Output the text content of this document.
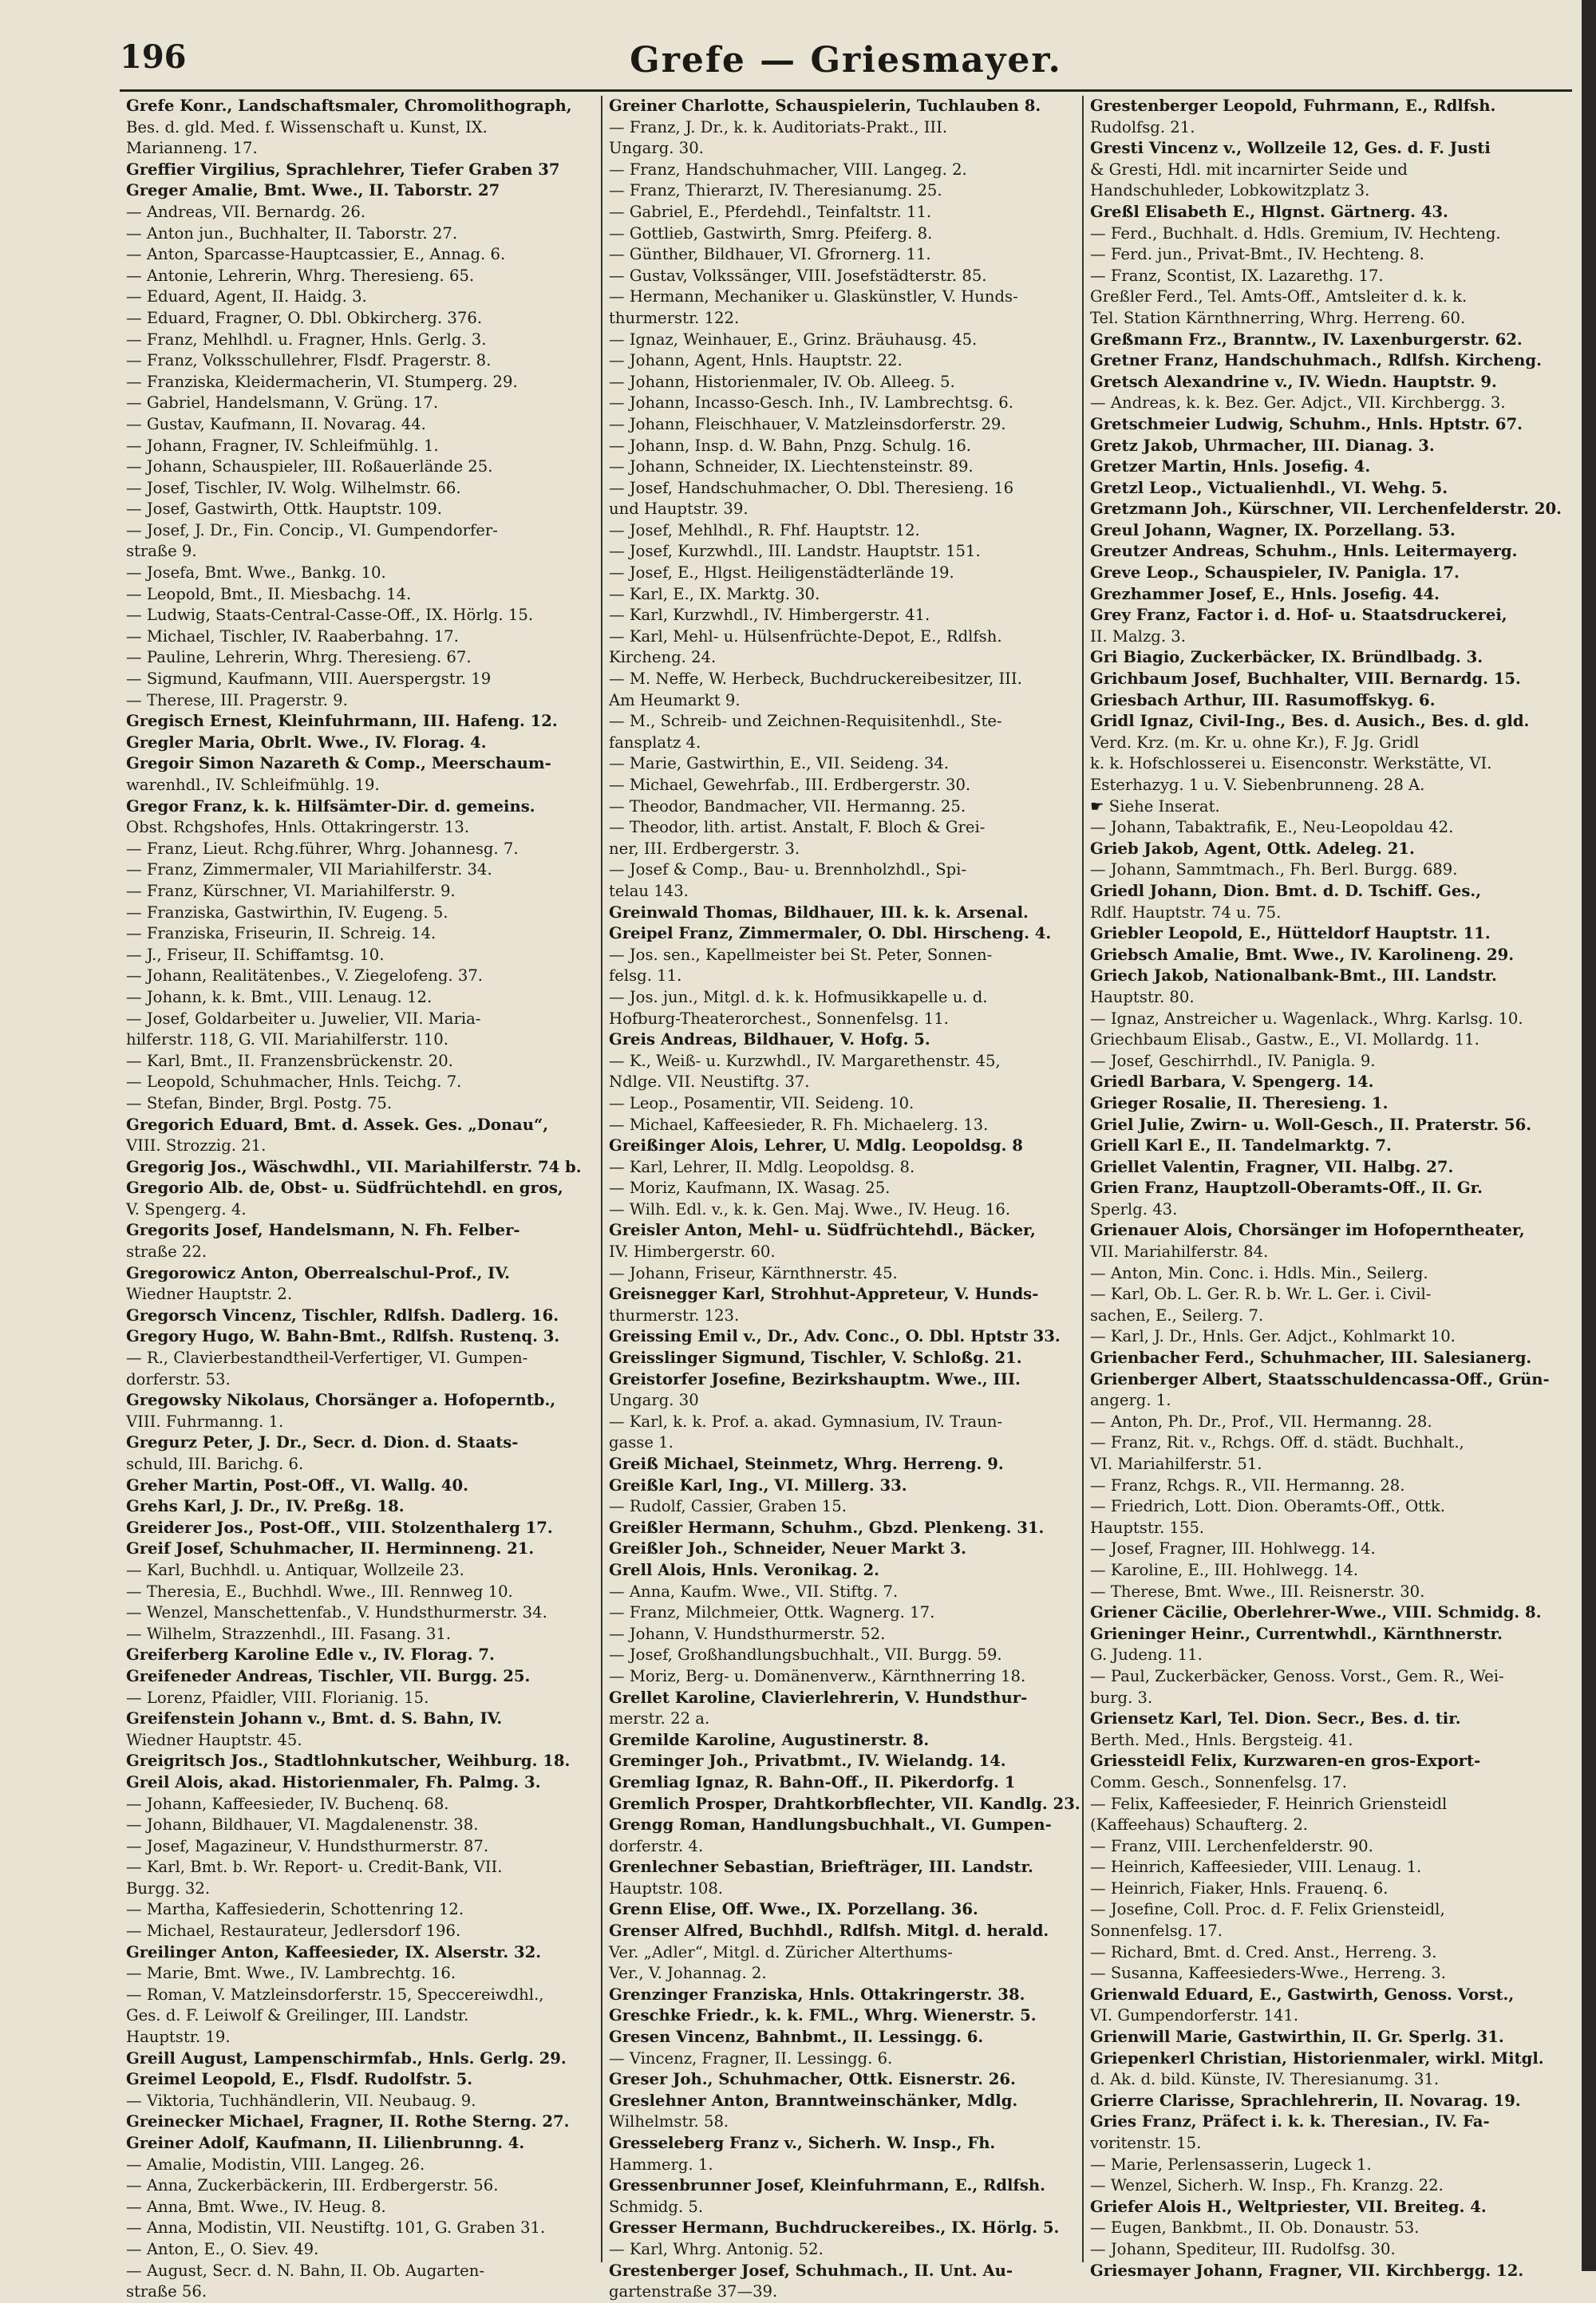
196	Grefe — Griesmayer.
Grefe Konr., Landschaftsmaler, Chromolithograph,
Bes. d. gld. Med. f. Wissenschaft u. Kunst, IX.
Marianneng. 17.
Greffier Virgilius, Sprachlehrer, Tiefer Graben 37
Greger Amalie, Bmt. Wwe., II. Taborstr. 27
— Andreas, VII. Bernardg. 26.
— Anton jun., Buchhalter, II. Taborstr. 27.
— Anton, Sparcasse-Hauptcassier, E., Annag. 6.
— Antonie, Lehrerin, Whrg. Theresieng. 65.
— Eduard, Agent, II. Haidg. 3.
— Eduard, Fragner, O. Dbl. Obkircherg. 376.
— Franz, Mehlhdl. u. Fragner, Hnls. Gerlg. 3.
— Franz, Volksschullehrer, Flsdf. Pragerstr. 8.
— Franziska, Kleidermacherin, VI. Stumperg. 29.
— Gabriel, Handelsmann, V. Grüng. 17.
— Gustav, Kaufmann, II. Novarag. 44.
— Johann, Fragner, IV. Schleifmühlg. 1.
— Johann, Schauspieler, III. Roßauerlände 25.
— Josef, Tischler, IV. Wolg. Wilhelmstr. 66.
— Josef, Gastwirth, Ottk. Hauptstr. 109.
— Josef, J. Dr., Fin. Concip., VI. Gumpendorfer-
straße 9.
— Josefa, Bmt. Wwe., Bankg. 10.
— Leopold, Bmt., II. Miesbachg. 14.
— Ludwig, Staats-Central-Casse-Off., IX. Hörlg. 15.
— Michael, Tischler, IV. Raaberbahng. 17.
— Pauline, Lehrerin, Whrg. Theresieng. 67.
— Sigmund, Kaufmann, VIII. Auerspergstr. 19
— Therese, III. Pragerstr. 9.
Gregisch Ernest, Kleinfuhrmann, III. Hafeng. 12.
Gregler Maria, Obrlt. Wwe., IV. Florag. 4.
Gregoir Simon Nazareth & Comp., Meerschaum-
warenhdl., IV. Schleifmühlg. 19.
Gregor Franz, k. k. Hilfsämter-Dir. d. gemeins.
Obst. Rchgshofes, Hnls. Ottakringerstr. 13.
— Franz, Lieut. Rchg.führer, Whrg. Johannesg. 7.
— Franz, Zimmermaler, VII Mariahilferstr. 34.
— Franz, Kürschner, VI. Mariahilferstr. 9.
— Franziska, Gastwirthin, IV. Eugeng. 5.
— Franziska, Friseurin, II. Schreig. 14.
— J., Friseur, II. Schiffamtsg. 10.
— Johann, Realitätenbes., V. Ziegelofeng. 37.
— Johann, k. k. Bmt., VIII. Lenaug. 12.
— Josef, Goldarbeiter u. Juwelier, VII. Maria-
hilferstr. 118, G. VII. Mariahilferstr. 110.
— Karl, Bmt., II. Franzensbrückenstr. 20.
— Leopold, Schuhmacher, Hnls. Teichg. 7.
— Stefan, Binder, Brgl. Postg. 75.
Gregorich Eduard, Bmt. d. Assek. Ges. „Donau“,
VIII. Strozzig. 21.
Gregorig Jos., Wäschwdhl., VII. Mariahilferstr. 74 b.
Gregorio Alb. de, Obst- u. Südfrüchtehdl. en gros,
V. Spengerg. 4.
Gregorits Josef, Handelsmann, N. Fh. Felber-
straße 22.
Gregorowicz Anton, Oberrealschul-Prof., IV.
Wiedner Hauptstr. 2.
Gregorsch Vincenz, Tischler, Rdlfsh. Dadlerg. 16.
Gregory Hugo, W. Bahn-Bmt., Rdlfsh. Rustenq. 3.
— R., Clavierbestandtheil-Verfertiger, VI. Gumpen-
dorferstr. 53.
Gregowsky Nikolaus, Chorsänger a. Hofoperntb.,
VIII. Fuhrmanng. 1.
Gregurz Peter, J. Dr., Secr. d. Dion. d. Staats-
schuld, III. Barichg. 6.
Greher Martin, Post-Off., VI. Wallg. 40.
Grehs Karl, J. Dr., IV. Preßg. 18.
Greiderer Jos., Post-Off., VIII. Stolzenthalerg 17.
Greif Josef, Schuhmacher, II. Herminneng. 21.
— Karl, Buchhdl. u. Antiquar, Wollzeile 23.
— Theresia, E., Buchhdl. Wwe., III. Rennweg 10.
— Wenzel, Manschettenfab., V. Hundsthurmerstr. 34.
— Wilhelm, Strazzenhdl., III. Fasang. 31.
Greiferberg Karoline Edle v., IV. Florag. 7.
Greifeneder Andreas, Tischler, VII. Burgg. 25.
— Lorenz, Pfaidler, VIII. Florianig. 15.
Greifenstein Johann v., Bmt. d. S. Bahn, IV.
Wiedner Hauptstr. 45.
Greigritsch Jos., Stadtlohnkutscher, Weihburg. 18.
Greil Alois, akad. Historienmaler, Fh. Palmg. 3.
— Johann, Kaffeesieder, IV. Buchenq. 68.
— Johann, Bildhauer, VI. Magdalenenstr. 38.
— Josef, Magazineur, V. Hundsthurmerstr. 87.
— Karl, Bmt. b. Wr. Report- u. Credit-Bank, VII.
Burgg. 32.
— Martha, Kaffesiederin, Schottenring 12.
— Michael, Restaurateur, Jedlersdorf 196.
Greilinger Anton, Kaffeesieder, IX. Alserstr. 32.
— Marie, Bmt. Wwe., IV. Lambrechtg. 16.
— Roman, V. Matzleinsdorferstr. 15, Speccereiwdhl.,
Ges. d. F. Leiwolf & Greilinger, III. Landstr.
Hauptstr. 19.
Greill August, Lampenschirmfab., Hnls. Gerlg. 29.
Greimel Leopold, E., Flsdf. Rudolfstr. 5.
— Viktoria, Tuchhändlerin, VII. Neubaug. 9.
Greinecker Michael, Fragner, II. Rothe Sterng. 27.
Greiner Adolf, Kaufmann, II. Lilienbrunng. 4.
— Amalie, Modistin, VIII. Langeg. 26.
— Anna, Zuckerbäckerin, III. Erdbergerstr. 56.
— Anna, Bmt. Wwe., IV. Heug. 8.
— Anna, Modistin, VII. Neustiftg. 101, G. Graben 31.
— Anton, E., O. Siev. 49.
— August, Secr. d. N. Bahn, II. Ob. Augarten-
straße 56.
Greiner Charlotte, Schauspielerin, Tuchlauben 8.
— Franz, J. Dr., k. k. Auditoriats-Prakt., III.
Ungarg. 30.
— Franz, Handschuhmacher, VIII. Langeg. 2.
— Franz, Thierarzt, IV. Theresianumg. 25.
— Gabriel, E., Pferdehdl., Teinfaltstr. 11.
— Gottlieb, Gastwirth, Smrg. Pfeiferg. 8.
— Günther, Bildhauer, VI. Gfrornerg. 11.
— Gustav, Volkssänger, VIII. Josefstädterstr. 85.
— Hermann, Mechaniker u. Glaskünstler, V. Hunds-
thurmerstr. 122.
— Ignaz, Weinhauer, E., Grinz. Bräuhausg. 45.
— Johann, Agent, Hnls. Hauptstr. 22.
— Johann, Historienmaler, IV. Ob. Alleeg. 5.
— Johann, Incasso-Gesch. Inh., IV. Lambrechtsg. 6.
— Johann, Fleischhauer, V. Matzleinsdorferstr. 29.
— Johann, Insp. d. W. Bahn, Pnzg. Schulg. 16.
— Johann, Schneider, IX. Liechtensteinstr. 89.
— Josef, Handschuhmacher, O. Dbl. Theresieng. 16
und Hauptstr. 39.
— Josef, Mehlhdl., R. Fhf. Hauptstr. 12.
— Josef, Kurzwhdl., III. Landstr. Hauptstr. 151.
— Josef, E., Hlgst. Heiligenstädterlände 19.
— Karl, E., IX. Marktg. 30.
— Karl, Kurzwhdl., IV. Himbergerstr. 41.
— Karl, Mehl- u. Hülsenfrüchte-Depot, E., Rdlfsh.
Kircheng. 24.
— M. Neffe, W. Herbeck, Buchdruckereibesitzer, III.
Am Heumarkt 9.
— M., Schreib- und Zeichnen-Requisitenhdl., Ste-
fansplatz 4.
— Marie, Gastwirthin, E., VII. Seideng. 34.
— Michael, Gewehrfab., III. Erdbergerstr. 30.
— Theodor, Bandmacher, VII. Hermanng. 25.
— Theodor, lith. artist. Anstalt, F. Bloch & Grei-
ner, III. Erdbergerstr. 3.
— Josef & Comp., Bau- u. Brennholzhdl., Spi-
telau 143.
Greinwald Thomas, Bildhauer, III. k. k. Arsenal.
Greipel Franz, Zimmermaler, O. Dbl. Hirscheng. 4.
— Jos. sen., Kapellmeister bei St. Peter, Sonnen-
felsg. 11.
— Jos. jun., Mitgl. d. k. k. Hofmusikkapelle u. d.
Hofburg-Theaterorchest., Sonnenfelsg. 11.
Greis Andreas, Bildhauer, V. Hofg. 5.
— K., Weiß- u. Kurzwhdl., IV. Margarethenstr. 45,
Ndlge. VII. Neustiftg. 37.
— Leop., Posamentir, VII. Seideng. 10.
— Michael, Kaffeesieder, R. Fh. Michaelerg. 13.
Greißinger Alois, Lehrer, U. Mdlg. Leopoldsg. 8
— Karl, Lehrer, II. Mdlg. Leopoldsg. 8.
— Moriz, Kaufmann, IX. Wasag. 25.
— Wilh. Edl. v., k. k. Gen. Maj. Wwe., IV. Heug. 16.
Greisler Anton, Mehl- u. Südfrüchtehdl., Bäcker,
IV. Himbergerstr. 60.
— Johann, Friseur, Kärnthnerstr. 45.
Greisnegger Karl, Strohhut-Appreteur, V. Hunds-
thurmerstr. 123.
Greissing Emil v., Dr., Adv. Conc., O. Dbl. Hptstr 33.
Greisslinger Sigmund, Tischler, V. Schloßg. 21.
Greistorfer Josefine, Bezirkshauptm. Wwe., III.
Ungarg. 30
— Karl, k. k. Prof. a. akad. Gymnasium, IV. Traun-
gasse 1.
Greiß Michael, Steinmetz, Whrg. Herreng. 9.
Greißle Karl, Ing., VI. Millerg. 33.
— Rudolf, Cassier, Graben 15.
Greißler Hermann, Schuhm., Gbzd. Plenkeng. 31.
Greißler Joh., Schneider, Neuer Markt 3.
Grell Alois, Hnls. Veronikag. 2.
— Anna, Kaufm. Wwe., VII. Stiftg. 7.
— Franz, Milchmeier, Ottk. Wagnerg. 17.
— Johann, V. Hundsthurmerstr. 52.
— Josef, Großhandlungsbuchhalt., VII. Burgg. 59.
— Moriz, Berg- u. Domänenverw., Kärnthnerring 18.
Grellet Karoline, Clavierlehrerin, V. Hundsthur-
merstr. 22 a.
Gremilde Karoline, Augustinerstr. 8.
Greminger Joh., Privatbmt., IV. Wielandg. 14.
Gremliag Ignaz, R. Bahn-Off., II. Pikerdorfg. 1
Gremlich Prosper, Drahtkorbflechter, VII. Kandlg. 23.
Grengg Roman, Handlungsbuchhalt., VI. Gumpen-
dorferstr. 4.
Grenlechner Sebastian, Briefträger, III. Landstr.
Hauptstr. 108.
Grenn Elise, Off. Wwe., IX. Porzellang. 36.
Grenser Alfred, Buchhdl., Rdlfsh. Mitgl. d. herald.
Ver. „Adler“, Mitgl. d. Züricher Alterthums-
Ver., V. Johannag. 2.
Grenzinger Franziska, Hnls. Ottakringerstr. 38.
Greschke Friedr., k. k. FML., Whrg. Wienerstr. 5.
Gresen Vincenz, Bahnbmt., II. Lessingg. 6.
— Vincenz, Fragner, II. Lessingg. 6.
Greser Joh., Schuhmacher, Ottk. Eisnerstr. 26.
Greslehner Anton, Branntweinschänker, Mdlg.
Wilhelmstr. 58.
Gresseleberg Franz v., Sicherh. W. Insp., Fh.
Hammerg. 1.
Gressenbrunner Josef, Kleinfuhrmann, E., Rdlfsh.
Schmidg. 5.
Gresser Hermann, Buchdruckereibes., IX. Hörlg. 5.
— Karl, Whrg. Antonig. 52.
Grestenberger Josef, Schuhmach., II. Unt. Au-
gartenstraße 37—39.
Grestenberger Leopold, Fuhrmann, E., Rdlfsh.
Rudolfsg. 21.
Gresti Vincenz v., Wollzeile 12, Ges. d. F. Justi
& Gresti, Hdl. mit incarnirter Seide und
Handschuhleder, Lobkowitzplatz 3.
Greßl Elisabeth E., Hlgnst. Gärtnerg. 43.
— Ferd., Buchhalt. d. Hdls. Gremium, IV. Hechteng.
— Ferd. jun., Privat-Bmt., IV. Hechteng. 8.
— Franz, Scontist, IX. Lazarethg. 17.
Greßler Ferd., Tel. Amts-Off., Amtsleiter d. k. k.
Tel. Station Kärnthnerring, Whrg. Herreng. 60.
Greßmann Frz., Branntw., IV. Laxenburgerstr. 62.
Gretner Franz, Handschuhmach., Rdlfsh. Kircheng.
Gretsch Alexandrine v., IV. Wiedn. Hauptstr. 9.
— Andreas, k. k. Bez. Ger. Adjct., VII. Kirchbergg. 3.
Gretschmeier Ludwig, Schuhm., Hnls. Hptstr. 67.
Gretz Jakob, Uhrmacher, III. Dianag. 3.
Gretzer Martin, Hnls. Josefig. 4.
Gretzl Leop., Victualienhdl., VI. Wehg. 5.
Gretzmann Joh., Kürschner, VII. Lerchenfelderstr. 20.
Greul Johann, Wagner, IX. Porzellang. 53.
Greutzer Andreas, Schuhm., Hnls. Leitermayerg.
Greve Leop., Schauspieler, IV. Panigla. 17.
Grezhammer Josef, E., Hnls. Josefig. 44.
Grey Franz, Factor i. d. Hof- u. Staatsdruckerei,
II. Malzg. 3.
Gri Biagio, Zuckerbäcker, IX. Bründlbadg. 3.
Grichbaum Josef, Buchhalter, VIII. Bernardg. 15.
Griesbach Arthur, III. Rasumoffskyg. 6.
Gridl Ignaz, Civil-Ing., Bes. d. Ausich., Bes. d. gld.
Verd. Krz. (m. Kr. u. ohne Kr.), F. Jg. Gridl
k. k. Hofschlosserei u. Eisenconstr. Werkstätte, VI.
Esterhazyg. 1 u. V. Siebenbrunneng. 28 A.
☛ Siehe Inserat.
— Johann, Tabaktrafik, E., Neu-Leopoldau 42.
Grieb Jakob, Agent, Ottk. Adeleg. 21.
— Johann, Sammtmach., Fh. Berl. Burgg. 689.
Griedl Johann, Dion. Bmt. d. D. Tschiff. Ges.,
Rdlf. Hauptstr. 74 u. 75.
Griebler Leopold, E., Hütteldorf Hauptstr. 11.
Griebsch Amalie, Bmt. Wwe., IV. Karolineng. 29.
Griech Jakob, Nationalbank-Bmt., III. Landstr.
Hauptstr. 80.
— Ignaz, Anstreicher u. Wagenlack., Whrg. Karlsg. 10.
Griechbaum Elisab., Gastw., E., VI. Mollardg. 11.
— Josef, Geschirrhdl., IV. Panigla. 9.
Griedl Barbara, V. Spengerg. 14.
Grieger Rosalie, II. Theresieng. 1.
Griel Julie, Zwirn- u. Woll-Gesch., II. Praterstr. 56.
Griell Karl E., II. Tandelmarktg. 7.
Griellet Valentin, Fragner, VII. Halbg. 27.
Grien Franz, Hauptzoll-Oberamts-Off., II. Gr.
Sperlg. 43.
Grienauer Alois, Chorsänger im Hofoperntheater,
VII. Mariahilferstr. 84.
— Anton, Min. Conc. i. Hdls. Min., Seilerg.
— Karl, Ob. L. Ger. R. b. Wr. L. Ger. i. Civil-
sachen, E., Seilerg. 7.
— Karl, J. Dr., Hnls. Ger. Adjct., Kohlmarkt 10.
Grienbacher Ferd., Schuhmacher, III. Salesianerg.
Grienberger Albert, Staatsschuldencassa-Off., Grün-
angerg. 1.
— Anton, Ph. Dr., Prof., VII. Hermanng. 28.
— Franz, Rit. v., Rchgs. Off. d. städt. Buchhalt.,
VI. Mariahilferstr. 51.
— Franz, Rchgs. R., VII. Hermanng. 28.
— Friedrich, Lott. Dion. Oberamts-Off., Ottk.
Hauptstr. 155.
— Josef, Fragner, III. Hohlwegg. 14.
— Karoline, E., III. Hohlwegg. 14.
— Therese, Bmt. Wwe., III. Reisnerstr. 30.
Griener Cäcilie, Oberlehrer-Wwe., VIII. Schmidg. 8.
Grieninger Heinr., Currentwhdl., Kärnthnerstr.
G. Judeng. 11.
— Paul, Zuckerbäcker, Genoss. Vorst., Gem. R., Wei-
burg. 3.
Griensetz Karl, Tel. Dion. Secr., Bes. d. tir.
Berth. Med., Hnls. Bergsteig. 41.
Griessteidl Felix, Kurzwaren-en gros-Export-
Comm. Gesch., Sonnenfelsg. 17.
— Felix, Kaffeesieder, F. Heinrich Griensteidl
(Kaffeehaus) Schaufterg. 2.
— Franz, VIII. Lerchenfelderstr. 90.
— Heinrich, Kaffeesieder, VIII. Lenaug. 1.
— Heinrich, Fiaker, Hnls. Frauenq. 6.
— Josefine, Coll. Proc. d. F. Felix Griensteidl,
Sonnenfelsg. 17.
— Richard, Bmt. d. Cred. Anst., Herreng. 3.
— Susanna, Kaffeesieders-Wwe., Herreng. 3.
Grienwald Eduard, E., Gastwirth, Genoss. Vorst.,
VI. Gumpendorferstr. 141.
Grienwill Marie, Gastwirthin, II. Gr. Sperlg. 31.
Griepenkerl Christian, Historienmaler, wirkl. Mitgl.
d. Ak. d. bild. Künste, IV. Theresianumg. 31.
Grierre Clarisse, Sprachlehrerin, II. Novarag. 19.
Gries Franz, Präfect i. k. k. Theresian., IV. Fa-
voritenstr. 15.
— Marie, Perlensasserin, Lugeck 1.
— Wenzel, Sicherh. W. Insp., Fh. Kranzg. 22.
Griefer Alois H., Weltpriester, VII. Breiteg. 4.
— Eugen, Bankbmt., II. Ob. Donaustr. 53.
— Johann, Spediteur, III. Rudolfsg. 30.
Griesmayer Johann, Fragner, VII. Kirchbergg. 12.
